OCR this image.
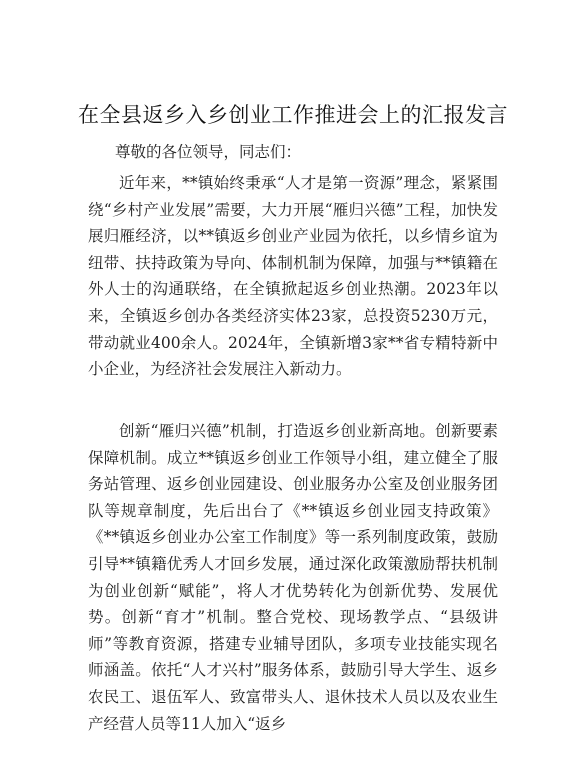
在全县返乡入乡创业工作推进会上的汇报发言

尊敬的各位领导，同志们：

近年来，**镇始终秉承“人才是第一资源”理念，紧紧围绕“乡村产业发展”需要，大力开展“雁归兴德”工程，加快发展归雁经济，以**镇返乡创业产业园为依托，以乡情乡谊为纽带、扶持政策为导向、体制机制为保障，加强与**镇籍在外人士的沟通联络，在全镇掀起返乡创业热潮。2023年以来，全镇返乡创办各类经济实体23家，总投资5230万元，带动就业400余人。2024年，全镇新增3家**省专精特新中小企业，为经济社会发展注入新动力。

创新“雁归兴德”机制，打造返乡创业新高地。创新要素保障机制。成立**镇返乡创业工作领导小组，建立健全了服务站管理、返乡创业园建设、创业服务办公室及创业服务团队等规章制度，先后出台了《**镇返乡创业园支持政策》《**镇返乡创业办公室工作制度》等一系列制度政策，鼓励引导**镇籍优秀人才回乡发展，通过深化政策激励帮扶机制为创业创新“赋能”，将人才优势转化为创新优势、发展优势。创新“育才”机制。整合党校、现场教学点、“县级讲师”等教育资源，搭建专业辅导团队，多项专业技能实现名师涵盖。依托“人才兴村”服务体系，鼓励引导大学生、返乡农民工、退伍军人、致富带头人、退休技术人员以及农业生产经营人员等11人加入“返乡
